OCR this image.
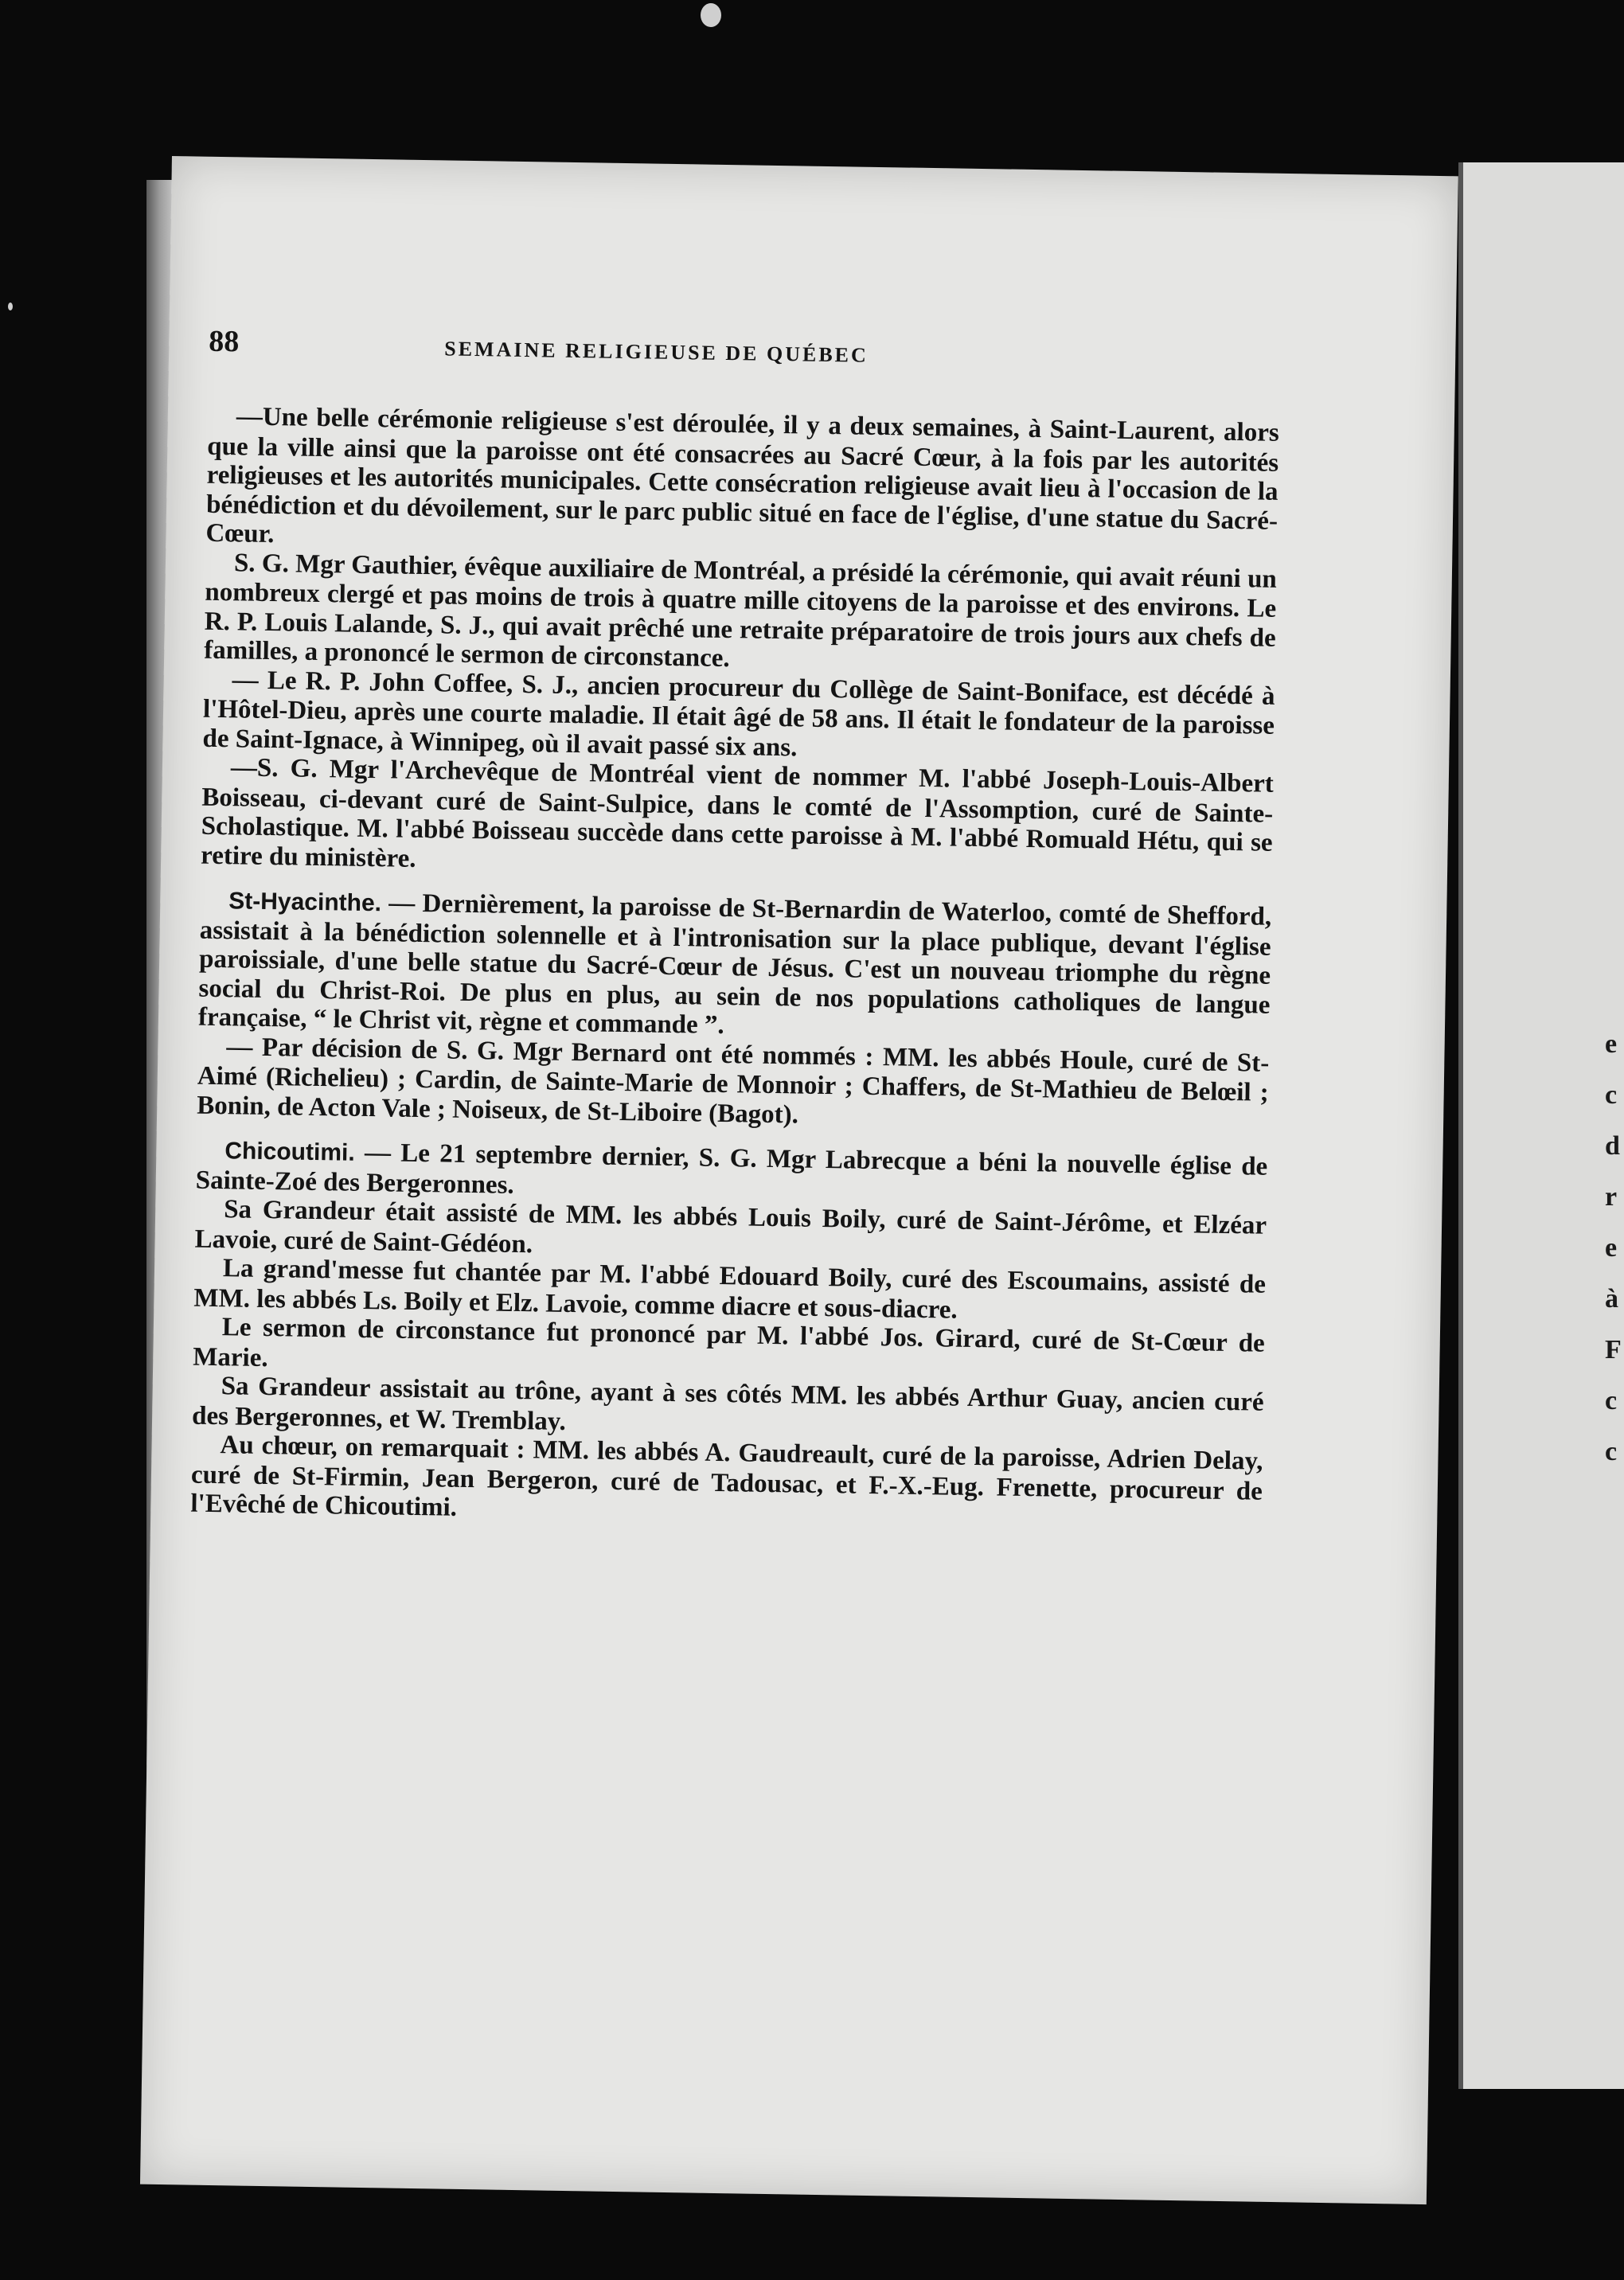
e
c
d
r
e
à
F
c
c
88	SEMAINE RELIGIEUSE DE QUÉBEC

—Une belle cérémonie religieuse s'est déroulée, il y a deux semaines, à Saint-Laurent, alors que la ville ainsi que la paroisse ont été consacrées au Sacré Cœur, à la fois par les autorités religieuses et les autorités municipales. Cette consécration religieuse avait lieu à l'occasion de la bénédiction et du dévoilement, sur le parc public situé en face de l'église, d'une statue du Sacré-Cœur.

S. G. Mgr Gauthier, évêque auxiliaire de Montréal, a présidé la cérémonie, qui avait réuni un nombreux clergé et pas moins de trois à quatre mille citoyens de la paroisse et des environs. Le R. P. Louis Lalande, S. J., qui avait prêché une retraite préparatoire de trois jours aux chefs de familles, a prononcé le sermon de circonstance.

— Le R. P. John Coffee, S. J., ancien procureur du Collège de Saint-Boniface, est décédé à l'Hôtel-Dieu, après une courte maladie. Il était âgé de 58 ans. Il était le fondateur de la paroisse de Saint-Ignace, à Winnipeg, où il avait passé six ans.

—S. G. Mgr l'Archevêque de Montréal vient de nommer M. l'abbé Joseph-Louis-Albert Boisseau, ci-devant curé de Saint-Sulpice, dans le comté de l'Assomption, curé de Sainte-Scholastique. M. l'abbé Boisseau succède dans cette paroisse à M. l'abbé Romuald Hétu, qui se retire du ministère.

St-Hyacinthe. — Dernièrement, la paroisse de St-Bernardin de Waterloo, comté de Shefford, assistait à la bénédiction solennelle et à l'intronisation sur la place publique, devant l'église paroissiale, d'une belle statue du Sacré-Cœur de Jésus. C'est un nouveau triomphe du règne social du Christ-Roi. De plus en plus, au sein de nos populations catholiques de langue française, “ le Christ vit, règne et commande ”.

— Par décision de S. G. Mgr Bernard ont été nommés : MM. les abbés Houle, curé de St-Aimé (Richelieu) ; Cardin, de Sainte-Marie de Monnoir ; Chaffers, de St-Mathieu de Belœil ; Bonin, de Acton Vale ; Noiseux, de St-Liboire (Bagot).

Chicoutimi. — Le 21 septembre dernier, S. G. Mgr Labrecque a béni la nouvelle église de Sainte-Zoé des Bergeronnes.

Sa Grandeur était assisté de MM. les abbés Louis Boily, curé de Saint-Jérôme, et Elzéar Lavoie, curé de Saint-Gédéon.

La grand'messe fut chantée par M. l'abbé Edouard Boily, curé des Escoumains, assisté de MM. les abbés Ls. Boily et Elz. Lavoie, comme diacre et sous-diacre.

Le sermon de circonstance fut prononcé par M. l'abbé Jos. Girard, curé de St-Cœur de Marie.

Sa Grandeur assistait au trône, ayant à ses côtés MM. les abbés Arthur Guay, ancien curé des Bergeronnes, et W. Tremblay.

Au chœur, on remarquait : MM. les abbés A. Gaudreault, curé de la paroisse, Adrien Delay, curé de St-Firmin, Jean Bergeron, curé de Tadousac, et F.-X.-Eug. Frenette, procureur de l'Evêché de Chicoutimi.
